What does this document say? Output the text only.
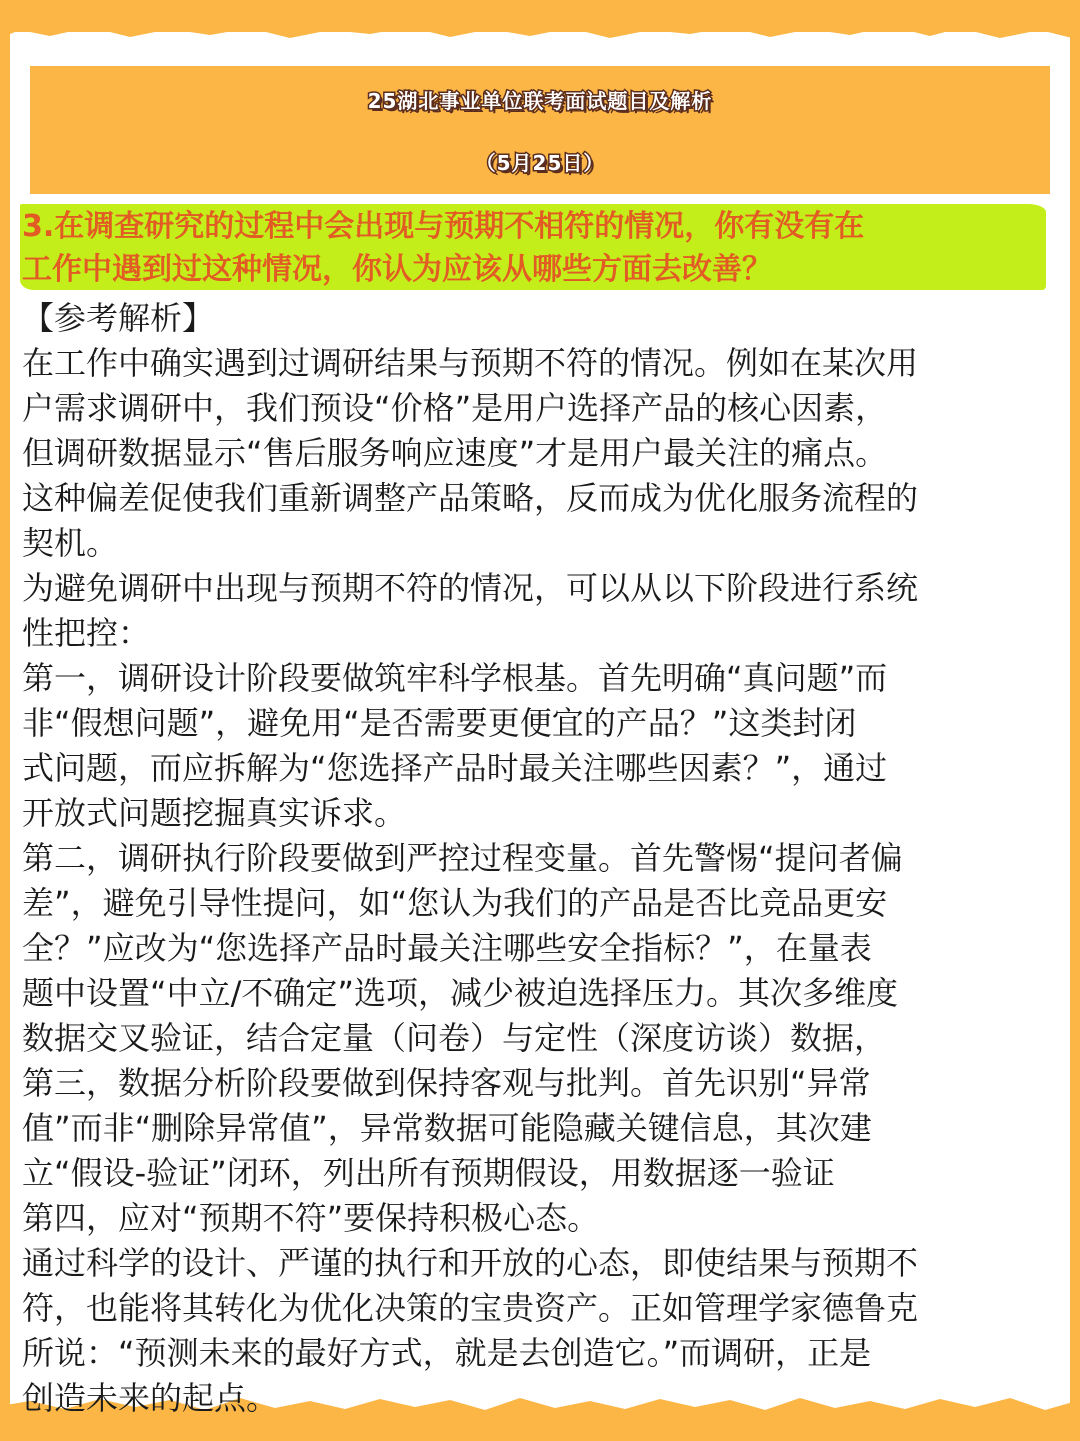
25湖北事业单位联考面试题目及解析
（5月25日）
3.在调查研究的过程中会出现与预期不相符的情况，你有没有在
工作中遇到过这种情况，你认为应该从哪些方面去改善？
【参考解析】
在工作中确实遇到过调研结果与预期不符的情况。例如在某次用
户需求调研中，我们预设“价格”是用户选择产品的核心因素，
但调研数据显示“售后服务响应速度”才是用户最关注的痛点。
这种偏差促使我们重新调整产品策略，反而成为优化服务流程的
契机。
为避免调研中出现与预期不符的情况，可以从以下阶段进行系统
性把控：
第一，调研设计阶段要做筑牢科学根基。首先明确“真问题”而
非“假想问题”，避免用“是否需要更便宜的产品？”这类封闭
式问题，而应拆解为“您选择产品时最关注哪些因素？”，通过
开放式问题挖掘真实诉求。
第二，调研执行阶段要做到严控过程变量。首先警惕“提问者偏
差”，避免引导性提问，如“您认为我们的产品是否比竞品更安
全？”应改为“您选择产品时最关注哪些安全指标？”，在量表
题中设置“中立/不确定”选项，减少被迫选择压力。其次多维度
数据交叉验证，结合定量（问卷）与定性（深度访谈）数据，
第三，数据分析阶段要做到保持客观与批判。首先识别“异常
值”而非“删除异常值”，异常数据可能隐藏关键信息，其次建
立“假设-验证”闭环，列出所有预期假设，用数据逐一验证
第四，应对“预期不符”要保持积极心态。
通过科学的设计、严谨的执行和开放的心态，即使结果与预期不
符，也能将其转化为优化决策的宝贵资产。正如管理学家德鲁克
所说：“预测未来的最好方式，就是去创造它。”而调研，正是
创造未来的起点。
